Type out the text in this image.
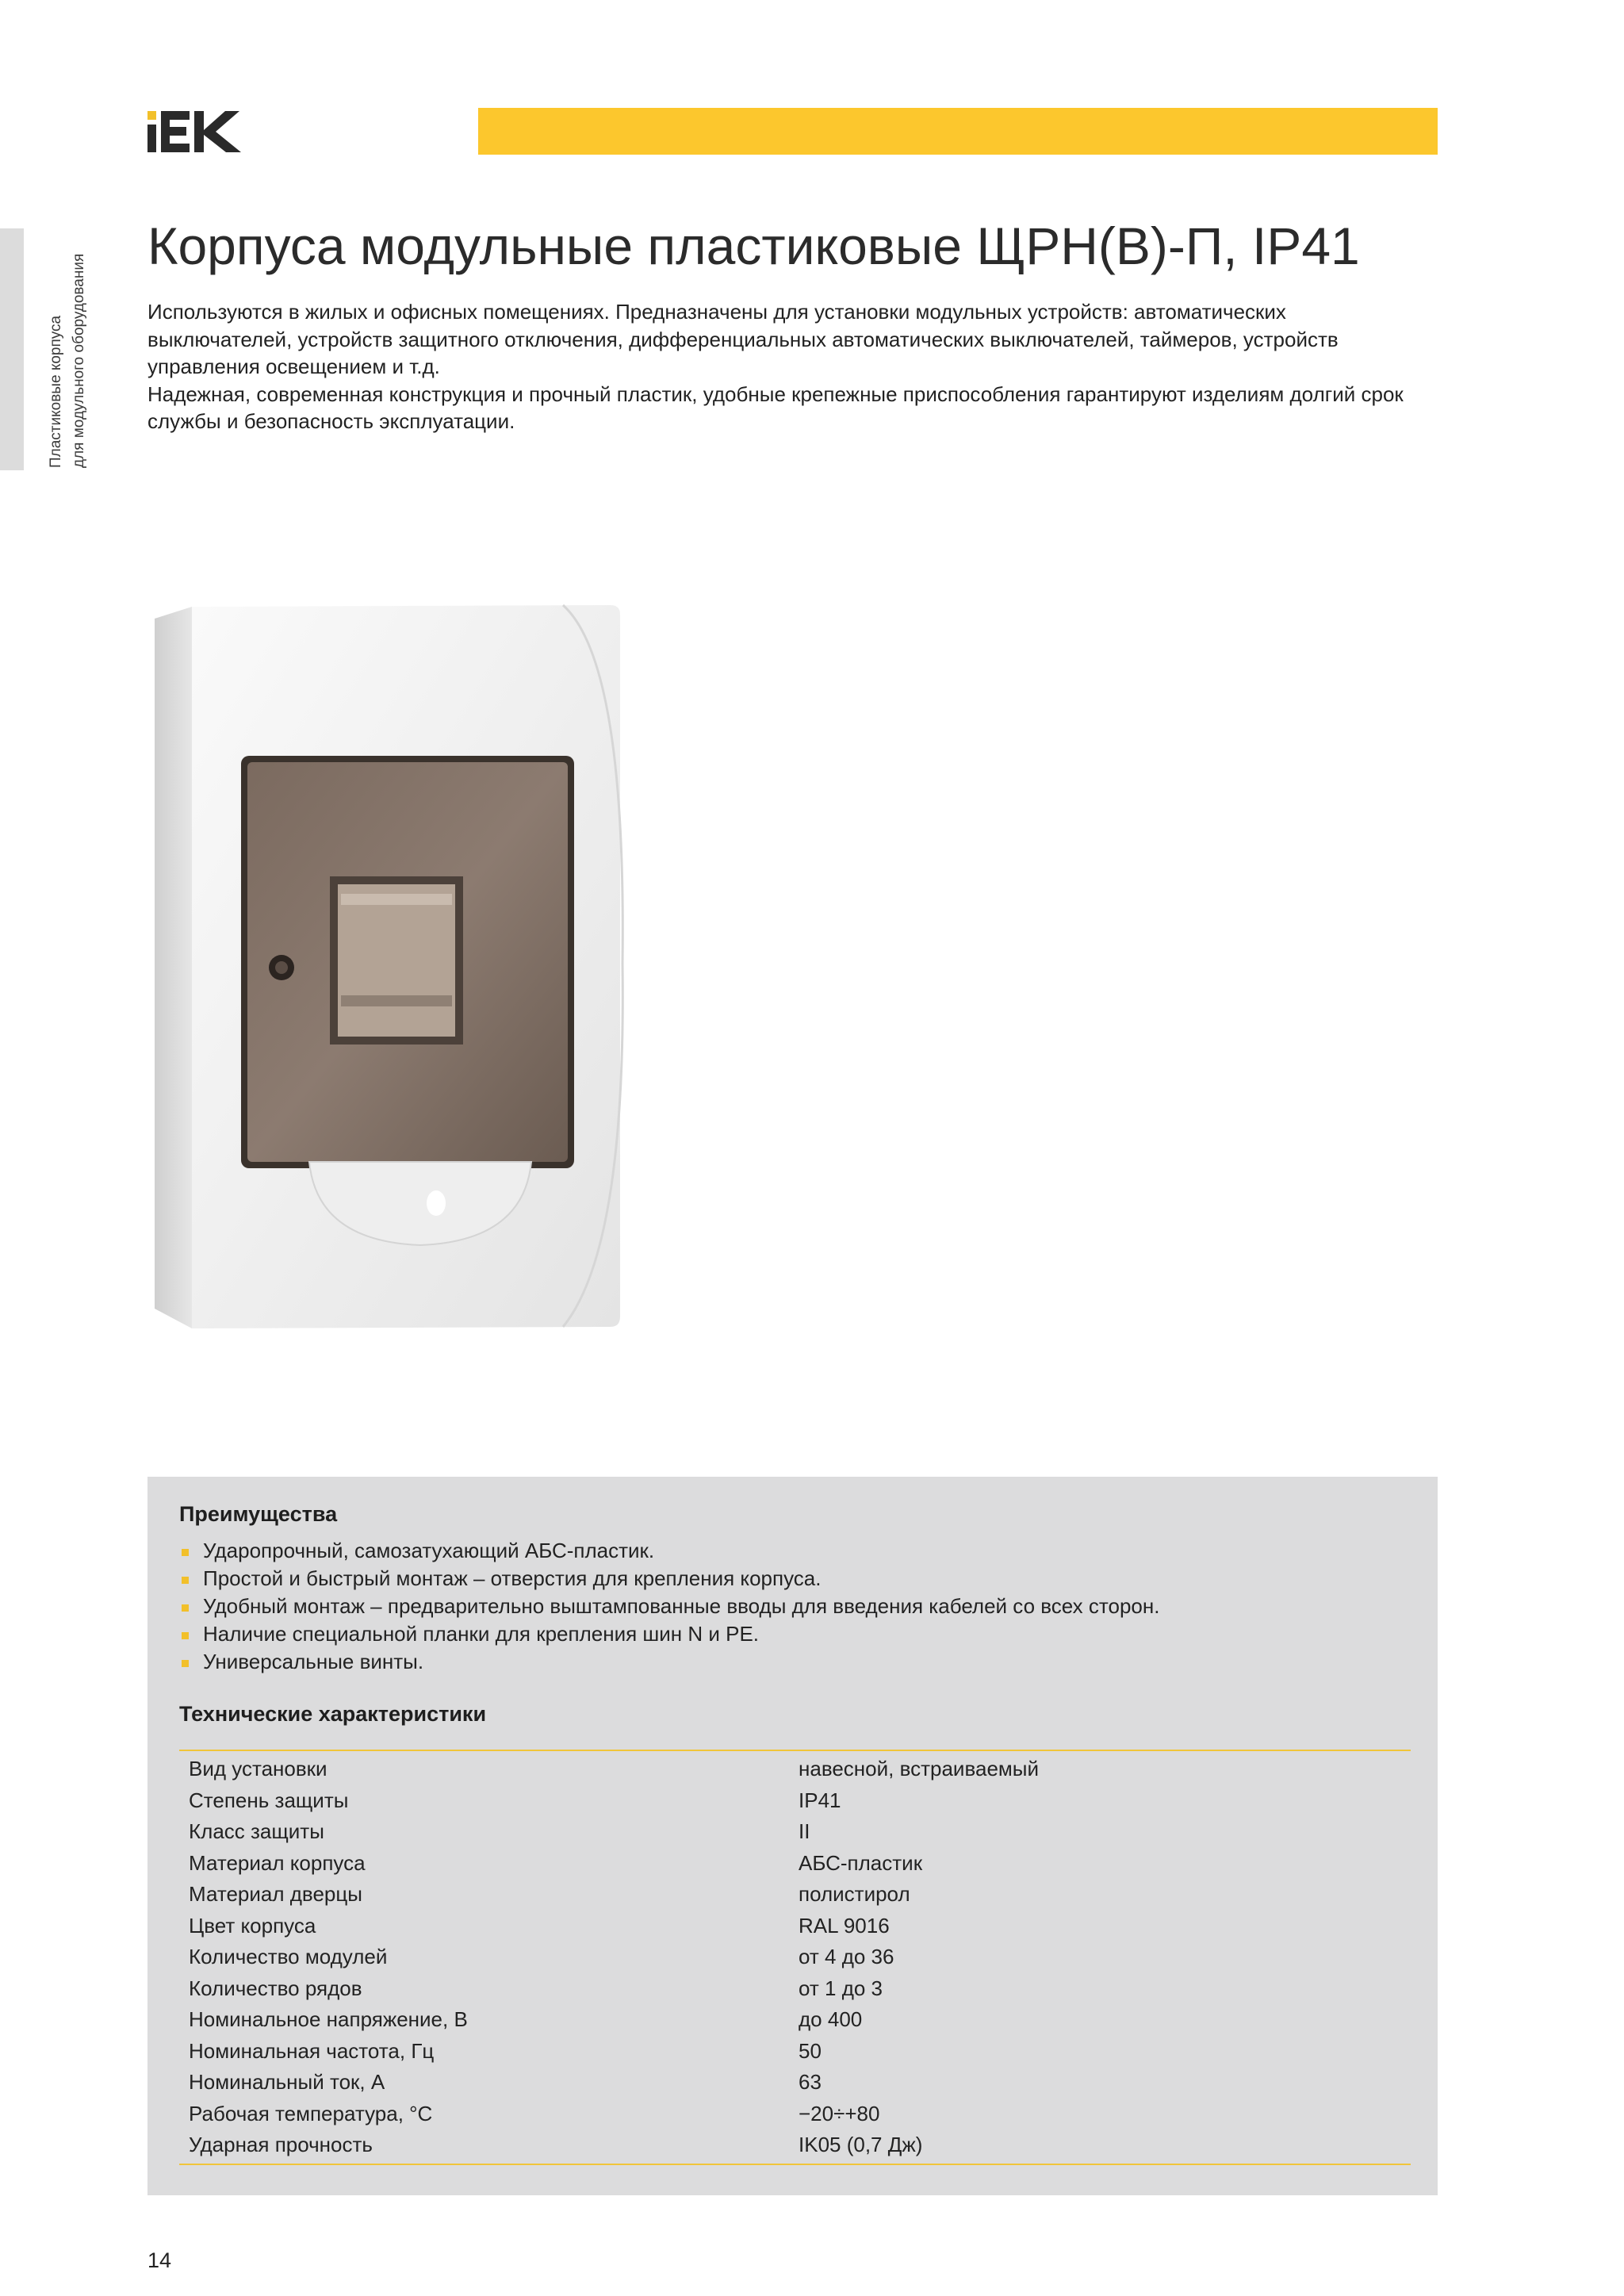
Пластиковые корпуса для модульного оборудования
Корпуса модульные пластиковые ЩРН(В)-П, IP41

Используются в жилых и офисных помещениях. Предназначены для установки модульных устройств: автоматических выключателей, устройств защитного отключения, дифференциальных автоматических выключателей, таймеров, устройств управления освещением и т.д.

Надежная, современная конструкция и прочный пластик, удобные крепежные приспособления гарантируют изделиям долгий срок службы и безопасность эксплуатации.

Преимущества
Ударопрочный, самозатухающий АБС-пластик.
Простой и быстрый монтаж – отверстия для крепления корпуса.
Удобный монтаж – предварительно выштампованные вводы для введения кабелей со всех сторон.
Наличие специальной планки для крепления шин N и PE.
Универсальные винты.
Технические характеристики
Вид установки	навесной, встраиваемый
Степень защиты	IP41
Класс защиты	II
Материал корпуса	АБС-пластик
Материал дверцы	полистирол
Цвет корпуса	RAL 9016
Количество модулей	от 4 до 36
Количество рядов	от 1 до 3
Номинальное напряжение, В	до 400
Номинальная частота, Гц	50
Номинальный ток, А	63
Рабочая температура, °С	−20÷+80
Ударная прочность	IK05 (0,7 Дж)
14
